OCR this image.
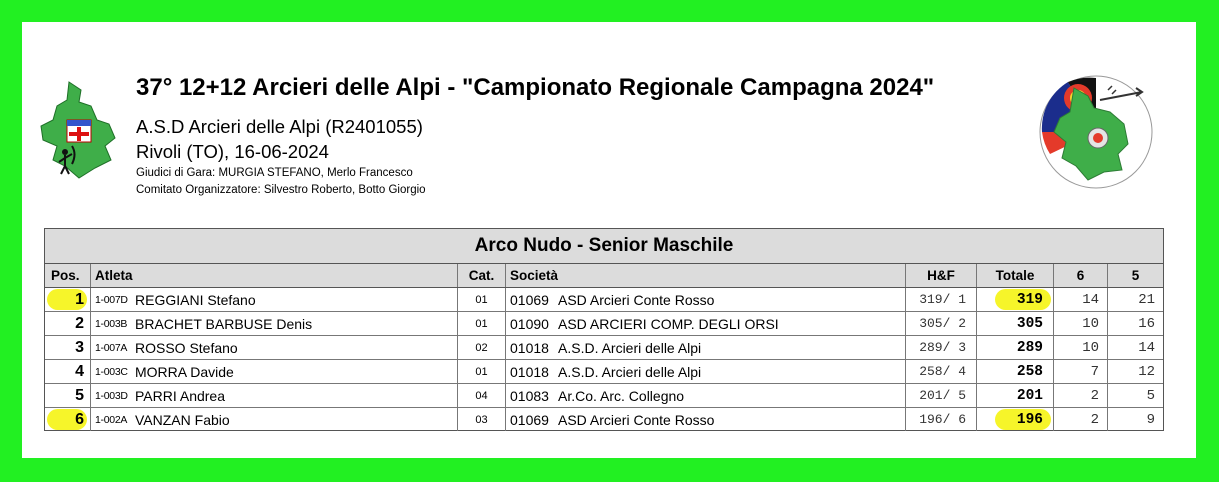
37° 12+12 Arcieri delle Alpi - "Campionato Regionale Campagna 2024"
A.S.D Arcieri delle Alpi (R2401055)
Rivoli (TO), 16-06-2024
Giudici di Gara: MURGIA STEFANO, Merlo Francesco
Comitato Organizzatore: Silvestro Roberto, Botto Giorgio
Arco Nudo - Senior Maschile
Pos.	Atleta	Cat.	Società	H&F	Totale	6	5
1 1-007D REGGIANI Stefano	01	01069 ASD Arcieri Conte Rosso	319/ 1	319	14	21
2 1-003B BRACHET BARBUSE Denis	01	01090 ASD ARCIERI COMP. DEGLI ORSI	305/ 2	305	10	16
3 1-007A ROSSO Stefano	02	01018 A.S.D. Arcieri delle Alpi	289/ 3	289	10	14
4 1-003C MORRA Davide	01	01018 A.S.D. Arcieri delle Alpi	258/ 4	258	7	12
5 1-003D PARRI Andrea	04	01083 Ar.Co. Arc. Collegno	201/ 5	201	2	5
6 1-002A VANZAN Fabio	03	01069 ASD Arcieri Conte Rosso	196/ 6	196	2	9
